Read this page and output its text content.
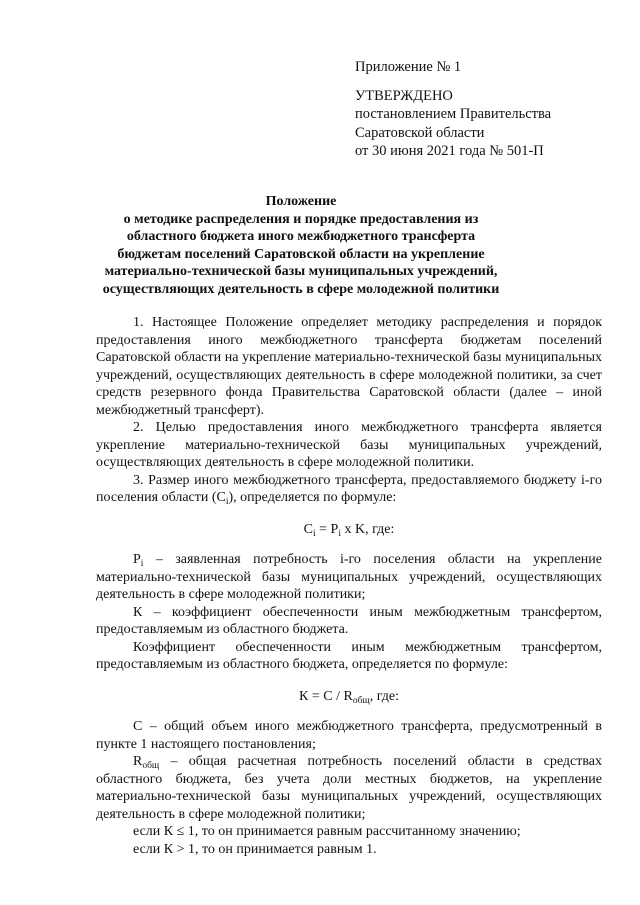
Приложение № 1
УТВЕРЖДЕНО
постановлением Правительства
Саратовской области
от 30 июня 2021 года № 501-П
Положение
о методике распределения и порядке предоставления из областного бюджета иного межбюджетного трансферта бюджетам поселений Саратовской области на укрепление материально-технической базы муниципальных учреждений, осуществляющих деятельность в сфере молодежной политики

1. Настоящее Положение определяет методику распределения и порядок предоставления иного межбюджетного трансферта бюджетам поселений Саратовской области на укрепление материально-технической базы муниципальных учреждений, осуществляющих деятельность в сфере молодежной политики, за счет средств резервного фонда Правительства Саратовской области (далее – иной межбюджетный трансферт).

2. Целью предоставления иного межбюджетного трансферта является укрепление материально-технической базы муниципальных учреждений, осуществляющих деятельность в сфере молодежной политики.

3. Размер иного межбюджетного трансферта, предоставляемого бюджету i-го поселения области $(C_i)$, определяется по формуле:

$C_i = P_i$ x K, где:

$P_i$ – заявленная потребность i-го поселения области на укрепление материально-технической базы муниципальных учреждений, осуществляющих деятельность в сфере молодежной политики;

К – коэффициент обеспеченности иным межбюджетным трансфертом, предоставляемым из областного бюджета.

Коэффициент обеспеченности иным межбюджетным трансфертом, предоставляемым из областного бюджета, определяется по формуле:

$К = С / R_{общ}$, где:

С – общий объем иного межбюджетного трансферта, предусмотренный в пункте 1 настоящего постановления;

$R_{общ}$ – общая расчетная потребность поселений области в средствах областного бюджета, без учета доли местных бюджетов, на укрепление материально-технической базы муниципальных учреждений, осуществляющих деятельность в сфере молодежной политики;

если К ≤ 1, то он принимается равным рассчитанному значению;

если К > 1, то он принимается равным 1.
